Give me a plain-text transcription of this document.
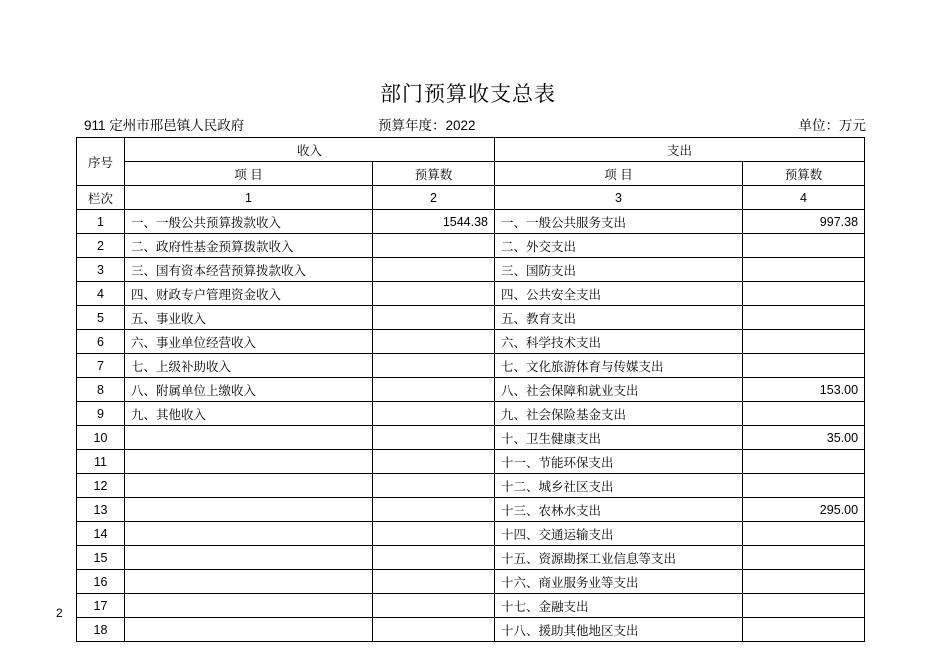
部门预算收支总表
911 定州市邢邑镇人民政府	预算年度：2022	单位：万元
序号	收入		支出	
	项 目	预算数	项 目	预算数
栏次	1	2	3	4
1	一、一般公共预算拨款收入	1544.38	一、一般公共服务支出	997.38
2	二、政府性基金预算拨款收入		二、外交支出	
3	三、国有资本经营预算拨款收入		三、国防支出	
4	四、财政专户管理资金收入		四、公共安全支出	
5	五、事业收入		五、教育支出	
6	六、事业单位经营收入		六、科学技术支出	
7	七、上级补助收入		七、文化旅游体育与传媒支出	
8	八、附属单位上缴收入		八、社会保障和就业支出	153.00
9	九、其他收入		九、社会保险基金支出	
10			十、卫生健康支出	35.00
11			十一、节能环保支出	
12			十二、城乡社区支出	
13			十三、农林水支出	295.00
14			十四、交通运输支出	
15			十五、资源勘探工业信息等支出	
16			十六、商业服务业等支出	
17			十七、金融支出	
18			十八、援助其他地区支出	
2
